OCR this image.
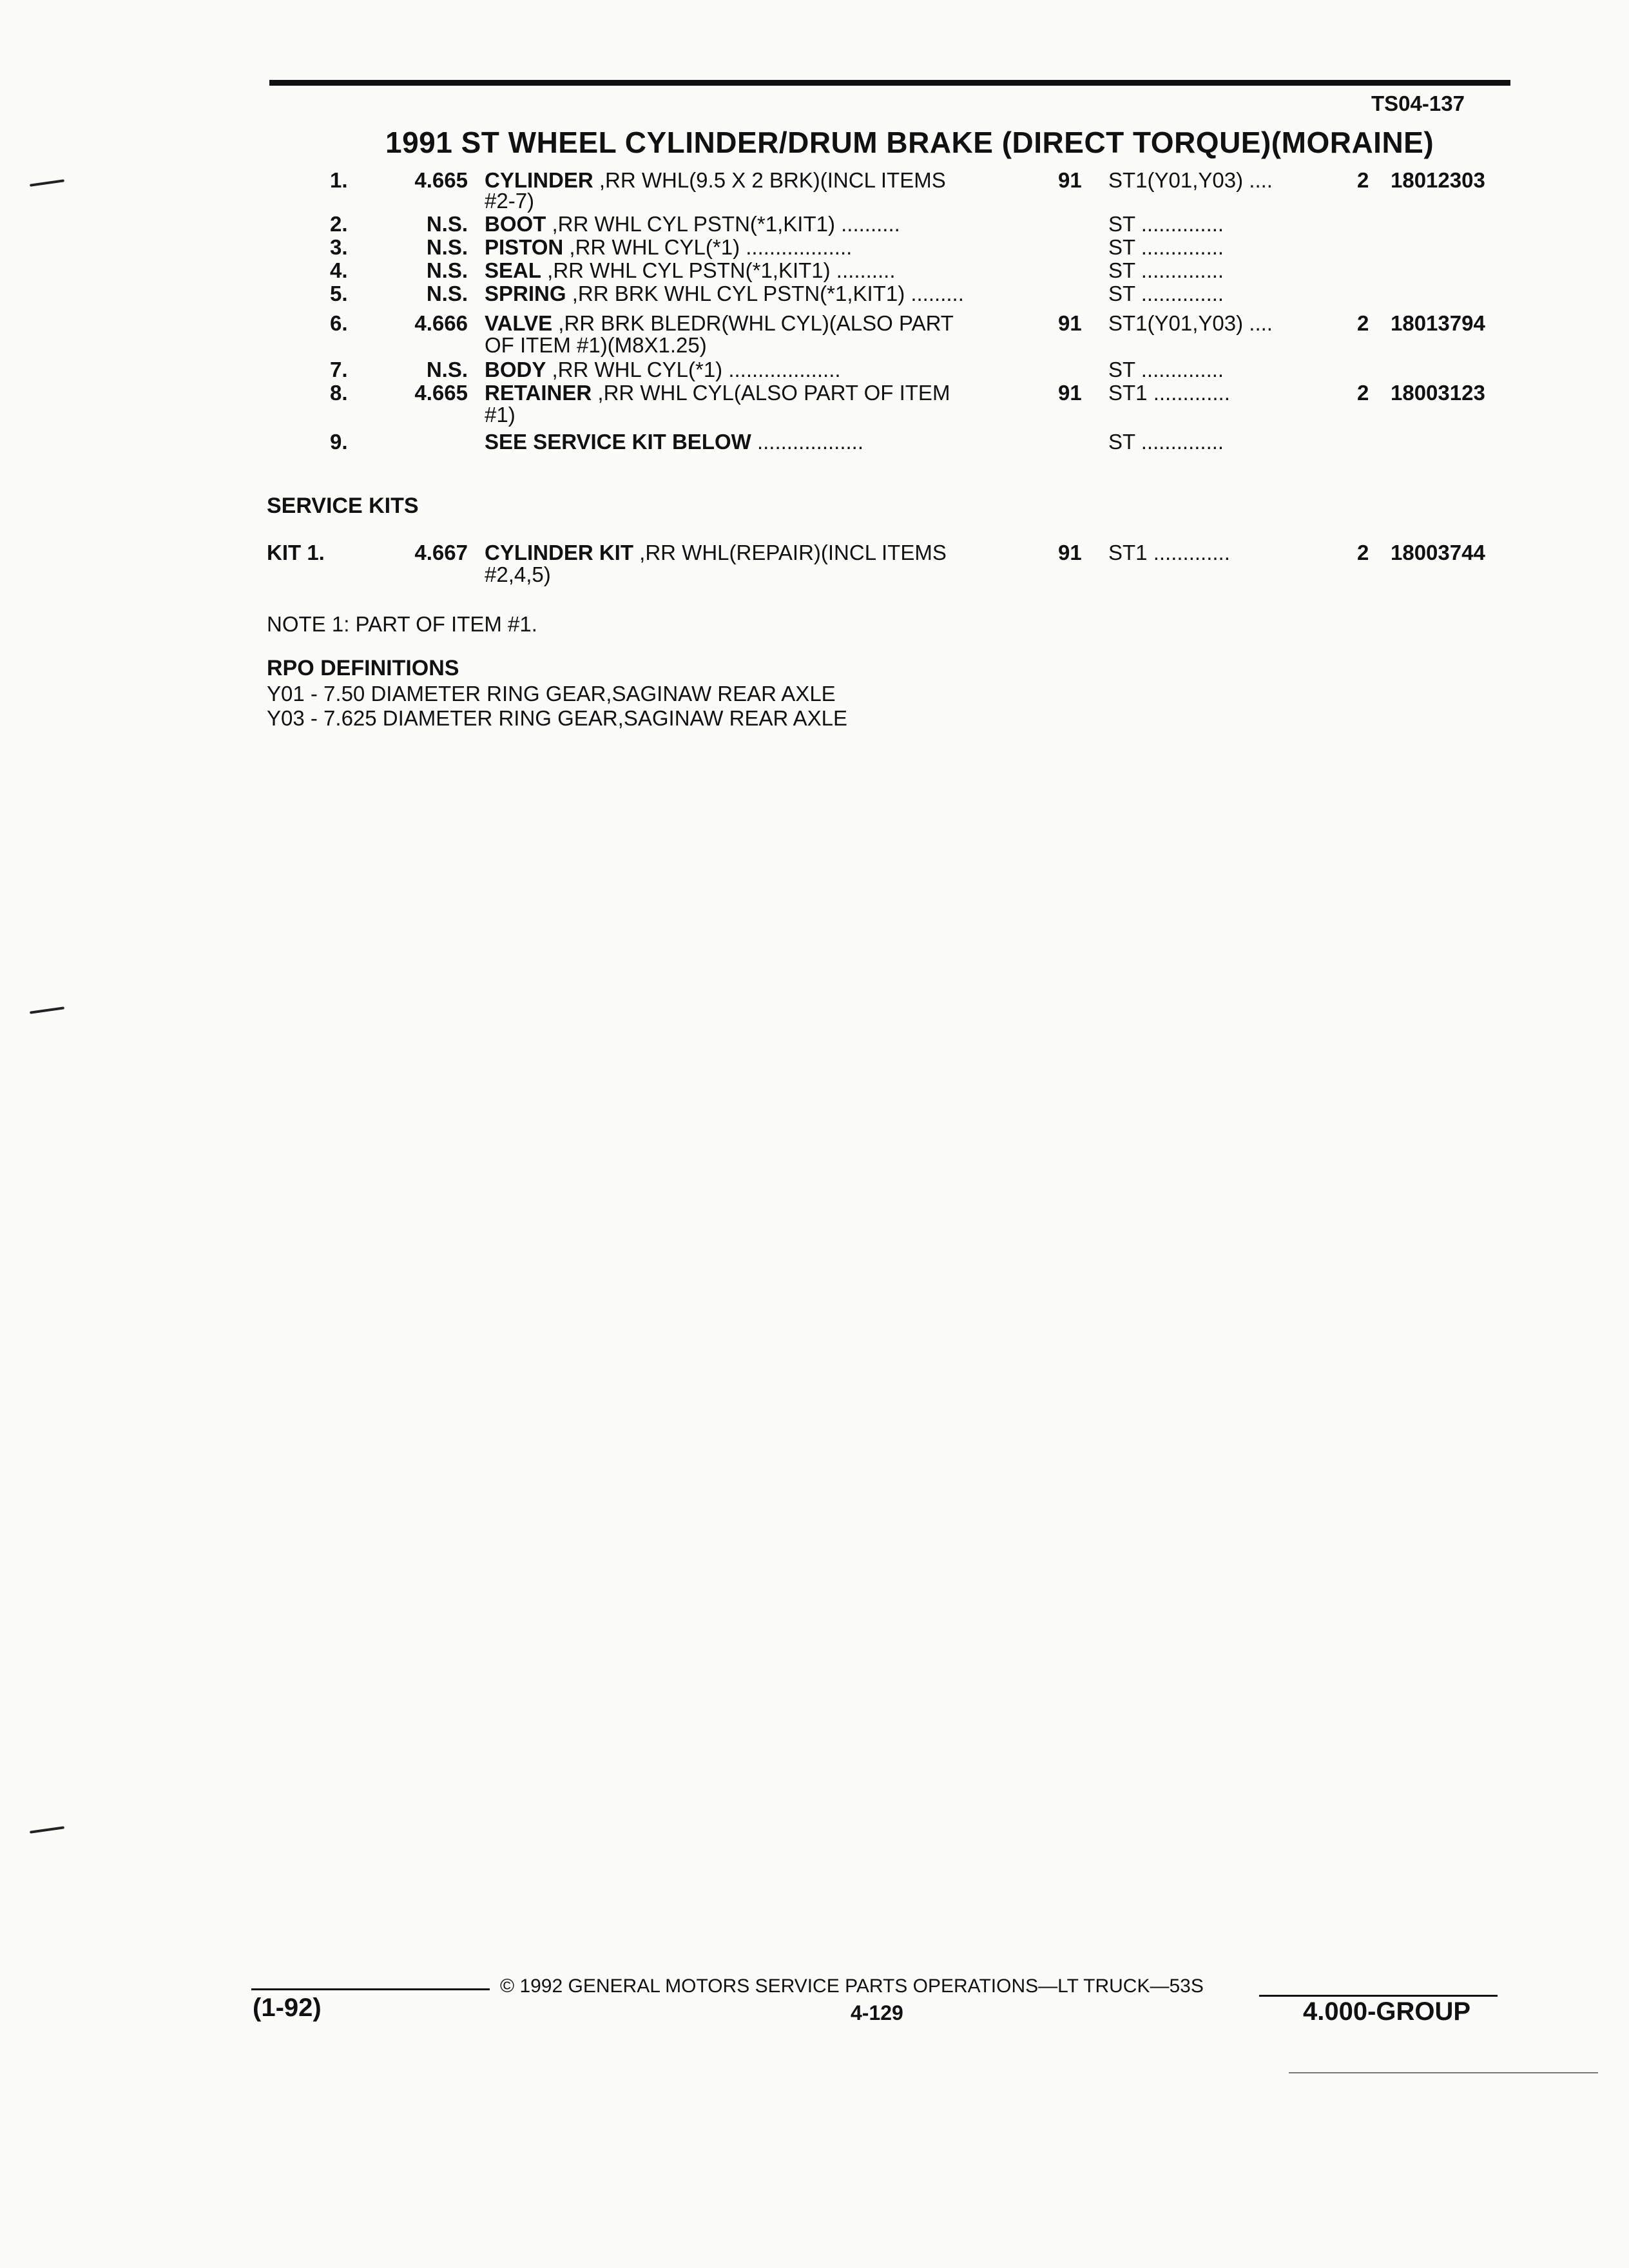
TS04-137
1991 ST WHEEL CYLINDER/DRUM BRAKE (DIRECT TORQUE)(MORAINE)
1.	4.665 CYLINDER ,RR WHL(9.5 X 2 BRK)(INCL ITEMS	91 ST1(Y01,Y03) ....	2 18012303
#2-7)
2.	N.S. BOOT ,RR WHL CYL PSTN(*1,KIT1) ..........	ST ..............
3.	N.S. PISTON ,RR WHL CYL(*1) ..................	ST ..............
4.	N.S. SEAL ,RR WHL CYL PSTN(*1,KIT1) ..........	ST ..............
5.	N.S. SPRING ,RR BRK WHL CYL PSTN(*1,KIT1) .........	ST ..............
6.	4.666 VALVE ,RR BRK BLEDR(WHL CYL)(ALSO PART	91 ST1(Y01,Y03) ....	2 18013794
OF ITEM #1)(M8X1.25)
7.	N.S. BODY ,RR WHL CYL(*1) ...................	ST ..............
8.	4.665 RETAINER ,RR WHL CYL(ALSO PART OF ITEM	91 ST1 .............	2 18003123
#1)
9.	SEE SERVICE KIT BELOW ..................	ST ..............
SERVICE KITS
KIT 1.	4.667 CYLINDER KIT ,RR WHL(REPAIR)(INCL ITEMS	91 ST1 .............	2 18003744
#2,4,5)
NOTE 1: PART OF ITEM #1.
RPO DEFINITIONS
Y01 - 7.50 DIAMETER RING GEAR,SAGINAW REAR AXLE
Y03 - 7.625 DIAMETER RING GEAR,SAGINAW REAR AXLE
© 1992 GENERAL MOTORS SERVICE PARTS OPERATIONS—LT TRUCK—53S
(1-92)	4-129	4.000-GROUP
